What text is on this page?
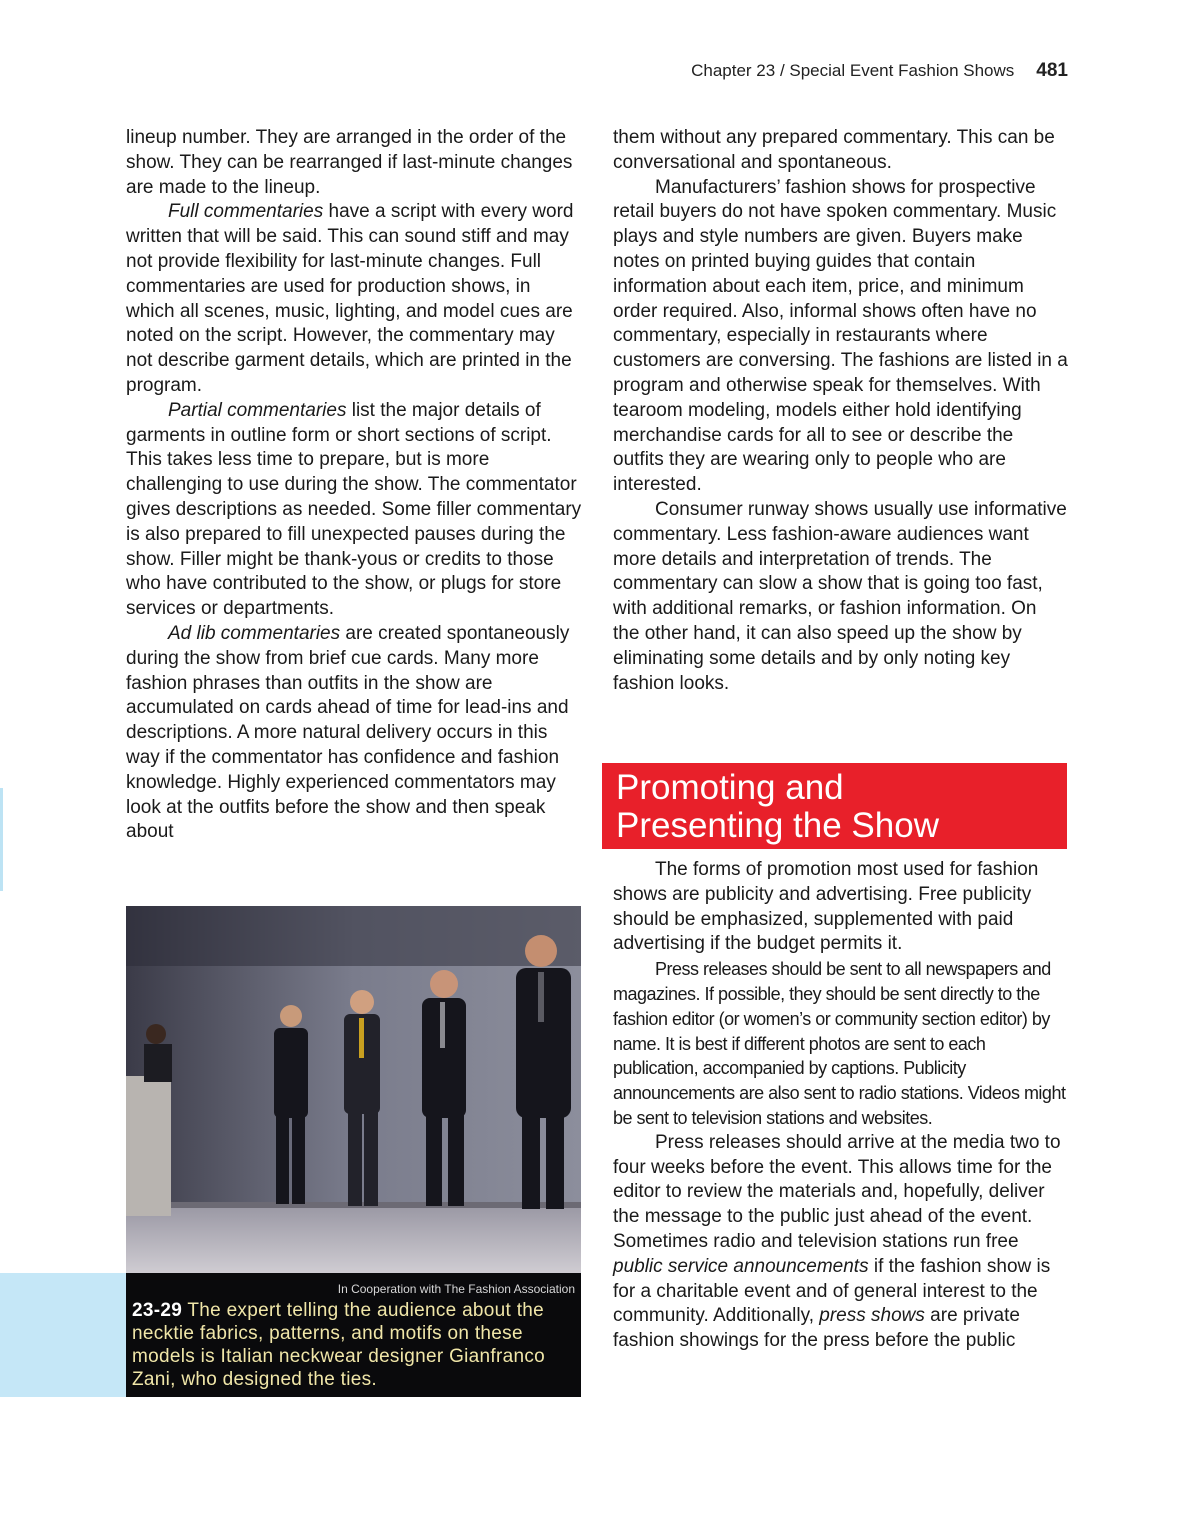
Chapter 23 / Special Event Fashion Shows 481

lineup number. They are arranged in the order of the show. They can be rearranged if last-minute changes are made to the lineup.

Full commentaries have a script with every word written that will be said. This can sound stiff and may not provide flexibility for last-minute changes. Full commentaries are used for production shows, in which all scenes, music, lighting, and model cues are noted on the script. However, the commentary may not describe garment details, which are printed in the program.

Partial commentaries list the major details of garments in outline form or short sections of script. This takes less time to prepare, but is more challenging to use during the show. The commentator gives descriptions as needed. Some filler commentary is also prepared to fill unexpected pauses during the show. Filler might be thank-yous or credits to those who have contributed to the show, or plugs for store services or departments.

Ad lib commentaries are created spontaneously during the show from brief cue cards. Many more fashion phrases than outfits in the show are accumulated on cards ahead of time for lead-ins and descriptions. A more natural delivery occurs in this way if the commentator has confidence and fashion knowledge. Highly experienced commentators may look at the outfits before the show and then speak about

them without any prepared commentary. This can be conversational and spontaneous.

Manufacturers’ fashion shows for prospective retail buyers do not have spoken commentary. Music plays and style numbers are given. Buyers make notes on printed buying guides that contain information about each item, price, and minimum order required. Also, informal shows often have no commentary, especially in restaurants where customers are conversing. The fashions are listed in a program and otherwise speak for themselves. With tearoom modeling, models either hold identifying merchandise cards for all to see or describe the outfits they are wearing only to people who are interested.

Consumer runway shows usually use informative commentary. Less fashion-aware audiences want more details and interpretation of trends. The commentary can slow a show that is going too fast, with additional remarks, or fashion information. On the other hand, it can also speed up the show by eliminating some details and by only noting key fashion looks.

Promoting and
Presenting the Show

The forms of promotion most used for fashion shows are publicity and advertising. Free publicity should be emphasized, supplemented with paid advertising if the budget permits it.

Press releases should be sent to all newspapers and magazines. If possible, they should be sent directly to the fashion editor (or women’s or community section editor) by name. It is best if different photos are sent to each publication, accompanied by captions. Publicity announcements are also sent to radio stations. Videos might be sent to television stations and websites.

Press releases should arrive at the media two to four weeks before the event. This allows time for the editor to review the materials and, hopefully, deliver the message to the public just ahead of the event. Sometimes radio and television stations run free public service announcements if the fashion show is for a charitable event and of general interest to the community. Additionally, press shows are private fashion showings for the press before the public

In Cooperation with The Fashion Association
23-29 The expert telling the audience about the necktie fabrics, patterns, and motifs on these models is Italian neckwear designer Gianfranco Zani, who designed the ties.
